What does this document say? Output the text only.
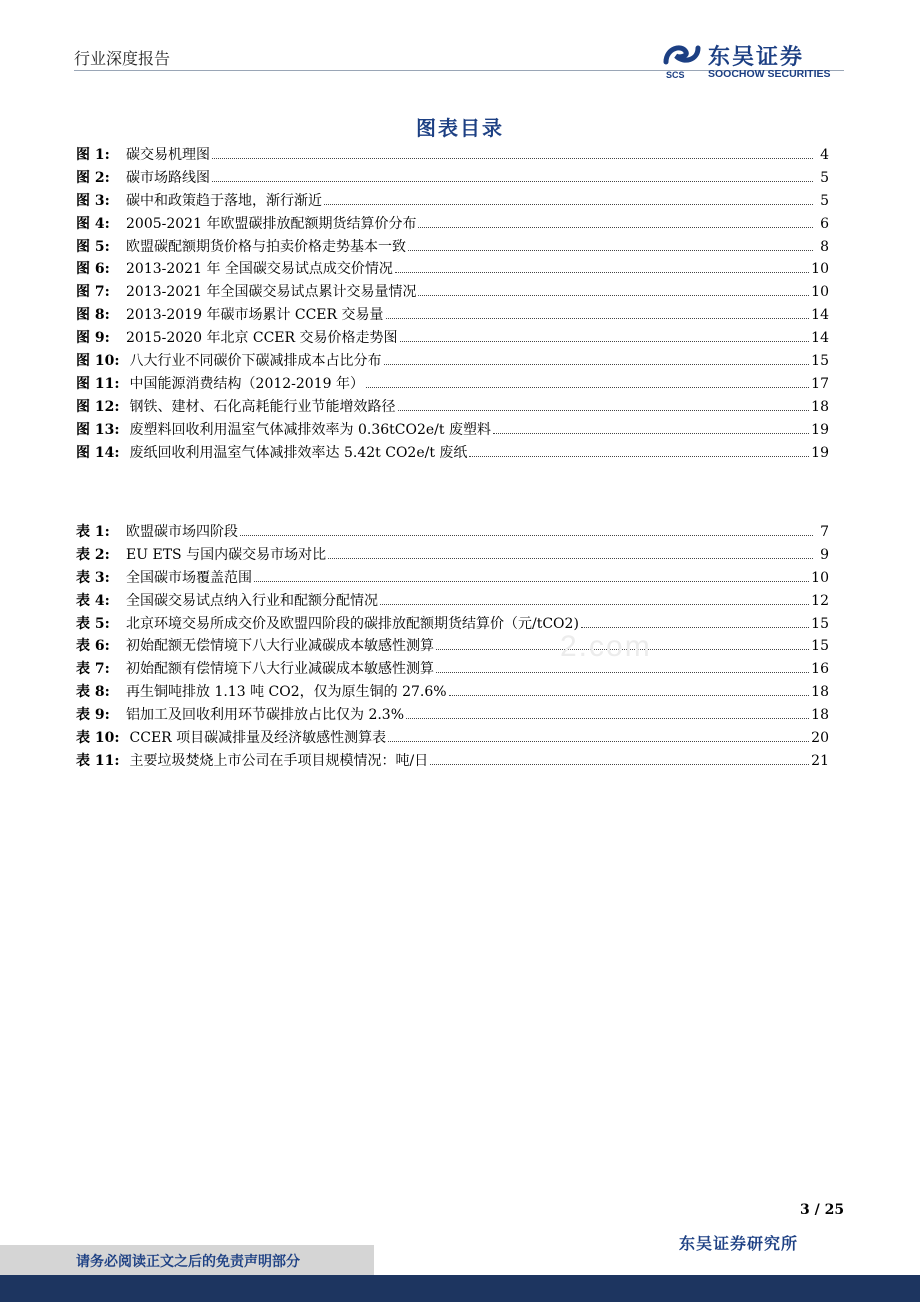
行业深度报告
SCS
东吴证券
SOOCHOW SECURITIES
图表目录
图 1:	碳交易机理图	4
图 2:	碳市场路线图	5
图 3:	碳中和政策趋于落地，渐行渐近	5
图 4:	2005-2021 年欧盟碳排放配额期货结算价分布	6
图 5:	欧盟碳配额期货价格与拍卖价格走势基本一致	8
图 6:	2013-2021 年 全国碳交易试点成交价情况	10
图 7:	2013-2021 年全国碳交易试点累计交易量情况	10
图 8:	2013-2019 年碳市场累计 CCER 交易量	14
图 9:	2015-2020 年北京 CCER 交易价格走势图	14
图 10: 八大行业不同碳价下碳减排成本占比分布	15
图 11: 中国能源消费结构（2012-2019 年）	17
图 12: 钢铁、建材、石化高耗能行业节能增效路径	18
图 13: 废塑料回收利用温室气体减排效率为 0.36tCO2e/t 废塑料	19
图 14: 废纸回收利用温室气体减排效率达 5.42t CO2e/t 废纸	19
表 1:	欧盟碳市场四阶段	7
表 2:	EU ETS 与国内碳交易市场对比	9
表 3:	全国碳市场覆盖范围	10
表 4:	全国碳交易试点纳入行业和配额分配情况	12
表 5:	北京环境交易所成交价及欧盟四阶段的碳排放配额期货结算价（元/tCO2)	15
表 6:	初始配额无偿情境下八大行业减碳成本敏感性测算	15
表 7:	初始配额有偿情境下八大行业减碳成本敏感性测算	16
表 8:	再生铜吨排放 1.13 吨 CO2，仅为原生铜的 27.6%	18
表 9:	铝加工及回收利用环节碳排放占比仅为 2.3%	18
表 10: CCER 项目碳减排量及经济敏感性测算表	20
表 11: 主要垃圾焚烧上市公司在手项目规模情况：吨/日	21
2.com
3 / 25
东吴证券研究所
请务必阅读正文之后的免责声明部分
